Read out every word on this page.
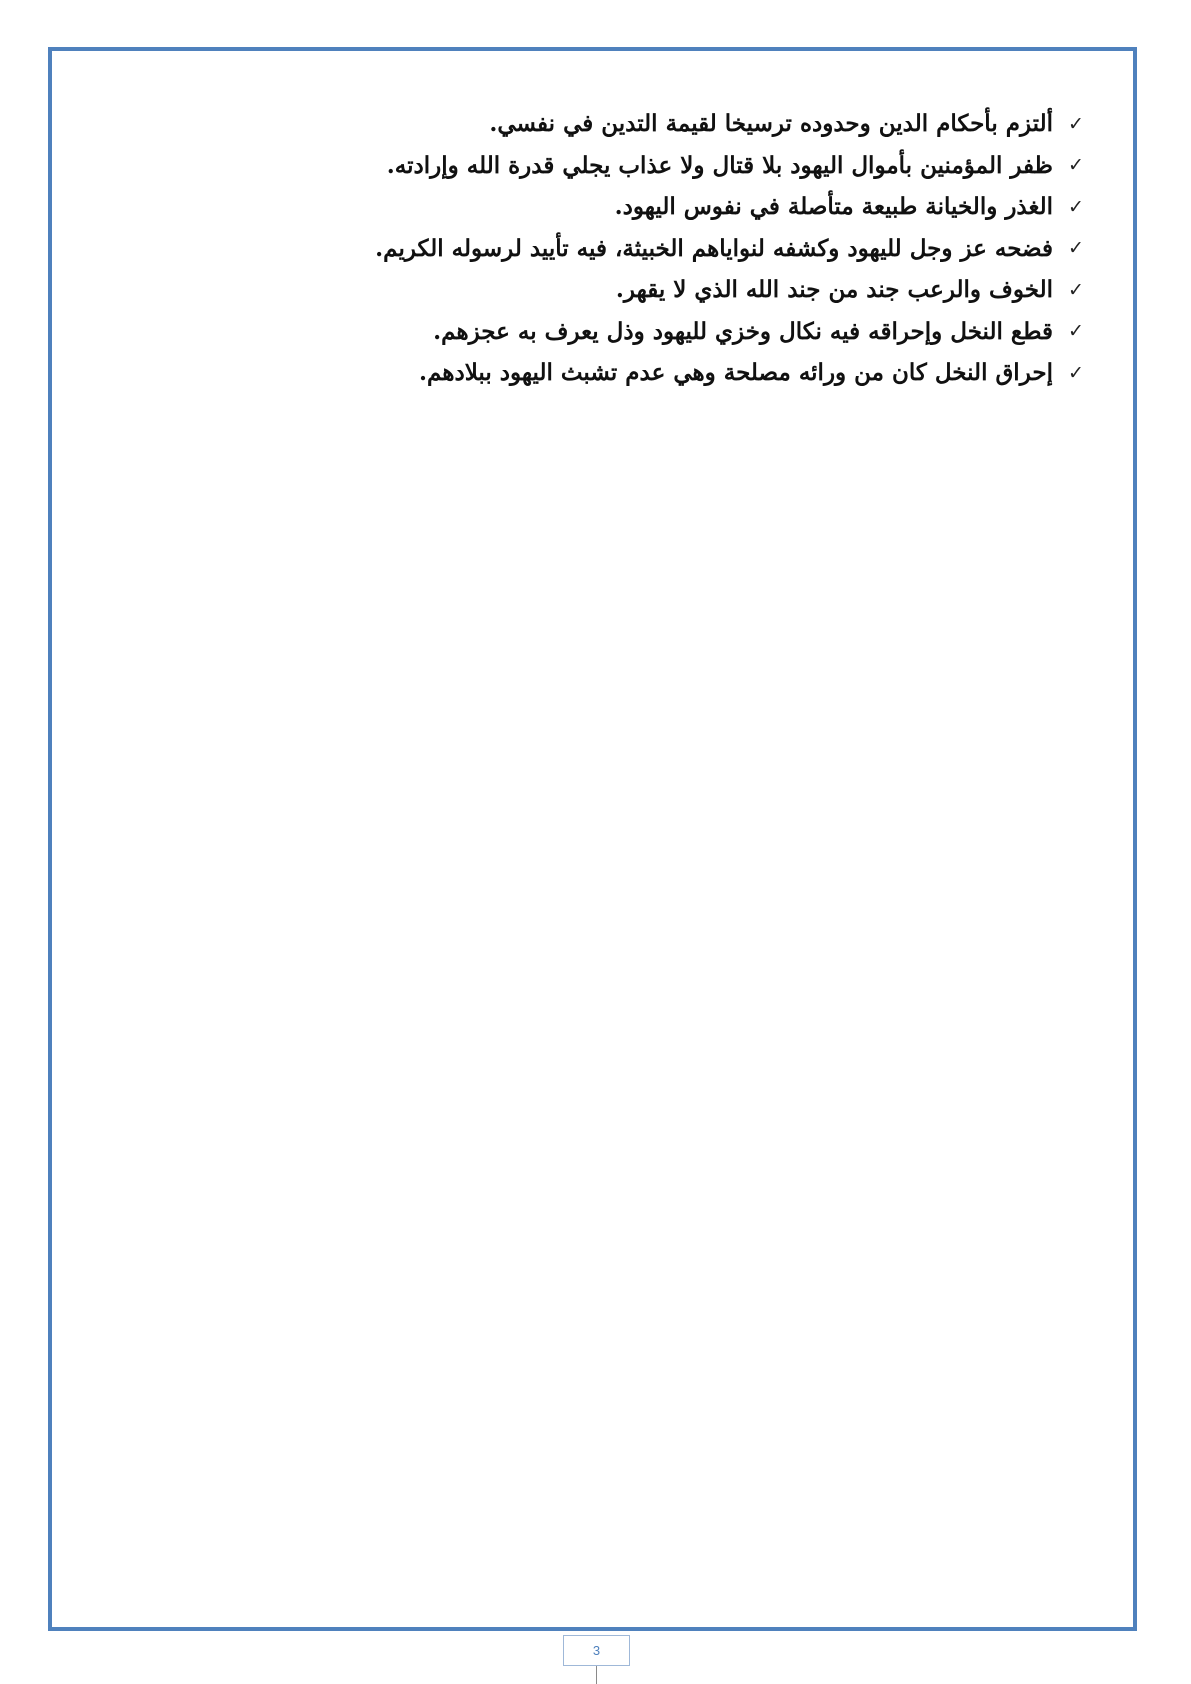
✓
ألتزم بأحكام الدين وحدوده ترسيخا لقيمة التدين في نفسي.
✓
ظفر المؤمنين بأموال اليهود بلا قتال ولا عذاب يجلي قدرة الله وإرادته.
✓
الغذر والخيانة طبيعة متأصلة في نفوس اليهود.
✓
فضحه عز وجل لليهود وكشفه لنواياهم الخبيثة، فيه تأييد لرسوله الكريم.
✓
الخوف والرعب جند من جند الله الذي لا يقهر.
✓
قطع النخل وإحراقه فيه نكال وخزي لليهود وذل يعرف به عجزهم.
✓
إحراق النخل كان من ورائه مصلحة وهي عدم تشبث اليهود ببلادهم.
3
